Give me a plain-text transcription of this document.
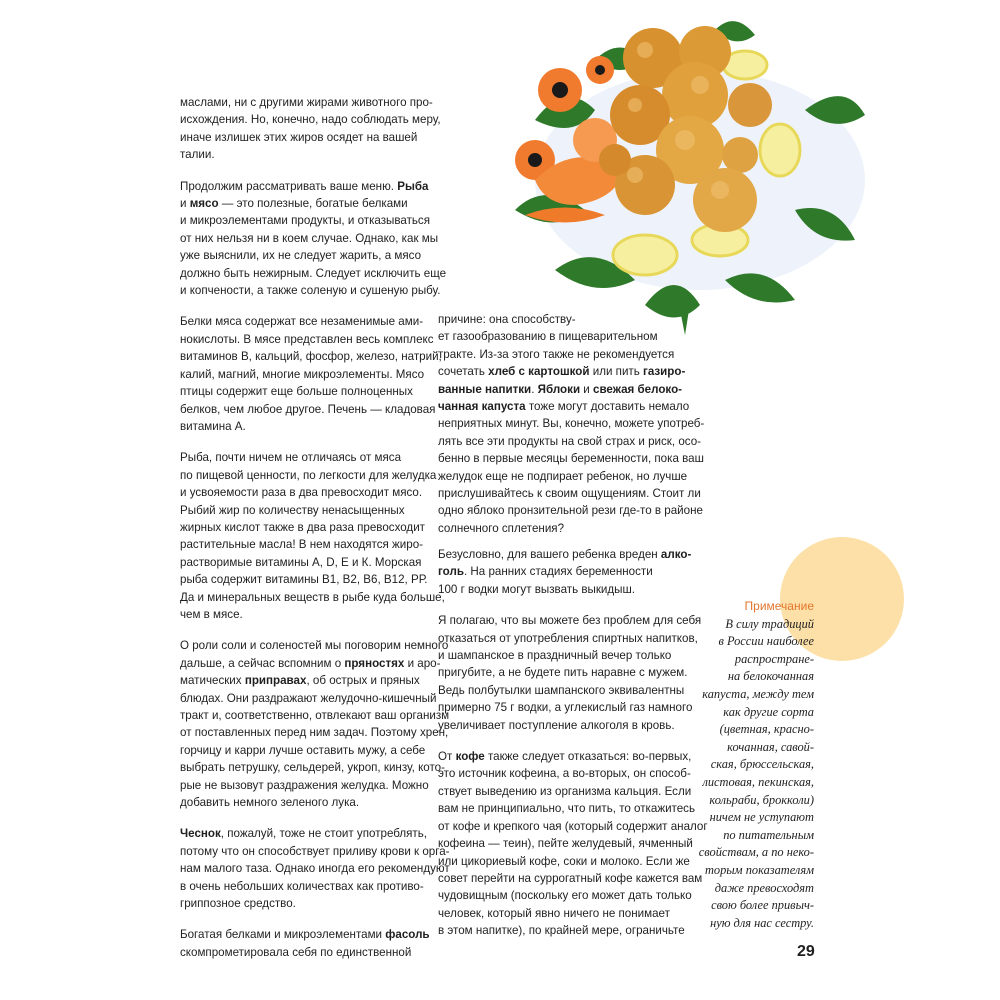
маслами, ни с другими жирами животного про-
исхождения. Но, конечно, надо соблюдать меру,
иначе излишек этих жиров осядет на вашей
талии.

Продолжим рассматривать ваше меню. Рыба
и мясо — это полезные, богатые белками
и микроэлементами продукты, и отказываться
от них нельзя ни в коем случае. Однако, как мы
уже выяснили, их не следует жарить, а мясо
должно быть нежирным. Следует исключить еще
и копчености, а также соленую и сушеную рыбу.

Белки мяса содержат все незаменимые ами-
нокислоты. В мясе представлен весь комплекс
витаминов В, кальций, фосфор, железо, натрий,
калий, магний, многие микроэлементы. Мясо
птицы содержит еще больше полноценных
белков, чем любое другое. Печень — кладовая
витамина А.

Рыба, почти ничем не отличаясь от мяса
по пищевой ценности, по легкости для желудка
и усвояемости раза в два превосходит мясо.
Рыбий жир по количеству ненасыщенных
жирных кислот также в два раза превосходит
растительные масла! В нем находятся жиро-
растворимые витамины А, D, E и К. Морская
рыба содержит витамины В1, В2, В6, В12, РР.
Да и минеральных веществ в рыбе куда больше,
чем в мясе.

О роли соли и соленостей мы поговорим немного
дальше, а сейчас вспомним о пряностях и аро-
матических приправах, об острых и пряных
блюдах. Они раздражают желудочно-кишечный
тракт и, соответственно, отвлекают ваш организм
от поставленных перед ним задач. Поэтому хрен,
горчицу и карри лучше оставить мужу, а себе
выбрать петрушку, сельдерей, укроп, кинзу, кото-
рые не вызовут раздражения желудка. Можно
добавить немного зеленого лука.

Чеснок, пожалуй, тоже не стоит употреблять,
потому что он способствует приливу крови к орга-
нам малого таза. Однако иногда его рекомендуют
в очень небольших количествах как противо-
гриппозное средство.

Богатая белками и микроэлементами фасоль
скомпрометировала себя по единственной

причине: она способству-
ет газообразованию в пищеварительном
тракте. Из-за этого также не рекомендуется
сочетать хлеб с картошкой или пить газиро-
ванные напитки. Яблоки и свежая белоко-
чанная капуста тоже могут доставить немало
неприятных минут. Вы, конечно, можете употреб-
лять все эти продукты на свой страх и риск, осо-
бенно в первые месяцы беременности, пока ваш
желудок еще не подпирает ребенок, но лучше
прислушивайтесь к своим ощущениям. Стоит ли
одно яблоко пронзительной рези где-то в районе
солнечного сплетения?

Безусловно, для вашего ребенка вреден алко-
голь. На ранних стадиях беременности
100 г водки могут вызвать выкидыш.

Я полагаю, что вы можете без проблем для себя
отказаться от употребления спиртных напитков,
и шампанское в праздничный вечер только
пригубите, а не будете пить наравне с мужем.
Ведь полбутылки шампанского эквивалентны
примерно 75 г водки, а углекислый газ намного
увеличивает поступление алкоголя в кровь.

От кофе также следует отказаться: во-первых,
это источник кофеина, а во-вторых, он способ-
ствует выведению из организма кальция. Если
вам не принципиально, что пить, то откажитесь
от кофе и крепкого чая (который содержит аналог
кофеина — теин), пейте желудевый, ячменный
или цикориевый кофе, соки и молоко. Если же
совет перейти на суррогатный кофе кажется вам
чудовищным (поскольку его может дать только
человек, который явно ничего не понимает
в этом напитке), по крайней мере, ограничьте

Примечание
В силу традиций
в России наиболее
распростране-
на белокочанная
капуста, между тем
как другие сорта
(цветная, красно-
кочанная, савой-
ская, брюссельская,
листовая, пекинская,
кольраби, брокколи)
ничем не уступают
по питательным
свойствам, а по неко-
торым показателям
даже превосходят
свою более привыч-
ную для нас сестру.
29
